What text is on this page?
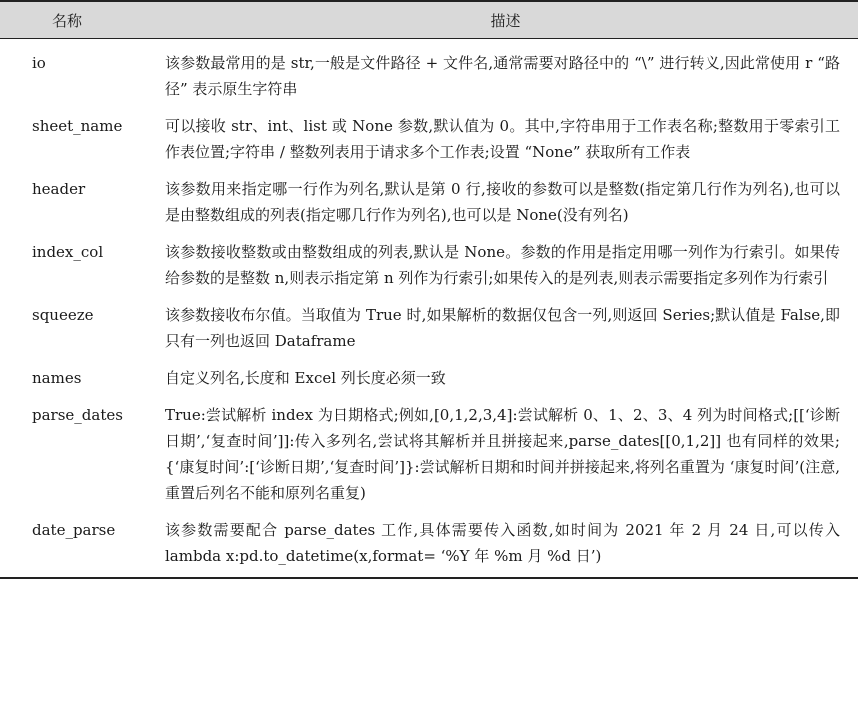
名称	描述
io	该参数最常用的是 str,一般是文件路径 + 文件名,通常需要对路径中的 “\” 进行转义,因此常使用 r “路径” 表示原生字符串
sheet_name	可以接收 str、int、list 或 None 参数,默认值为 0。其中,字符串用于工作表名称;整数用于零索引工作表位置;字符串 / 整数列表用于请求多个工作表;设置 “None” 获取所有工作表
header	该参数用来指定哪一行作为列名,默认是第 0 行,接收的参数可以是整数(指定第几行作为列名),也可以是由整数组成的列表(指定哪几行作为列名),也可以是 None(没有列名)
index_col	该参数接收整数或由整数组成的列表,默认是 None。参数的作用是指定用哪一列作为行索引。如果传给参数的是整数 n,则表示指定第 n 列作为行索引;如果传入的是列表,则表示需要指定多列作为行索引
squeeze	该参数接收布尔值。当取值为 True 时,如果解析的数据仅包含一列,则返回 Series;默认值是 False,即只有一列也返回 Dataframe
names	自定义列名,长度和 Excel 列长度必须一致
parse_dates	True:尝试解析 index 为日期格式;例如,[0,1,2,3,4]:尝试解析 0、1、2、3、4 列为时间格式;[[‘诊断日期’,‘复查时间’]]:传入多列名,尝试将其解析并且拼接起来,parse_dates[[0,1,2]] 也有同样的效果;{‘康复时间’:[‘诊断日期’,‘复查时间’]}:尝试解析日期和时间并拼接起来,将列名重置为 ‘康复时间’(注意,重置后列名不能和原列名重复)
date_parse	该参数需要配合 parse_dates 工作,具体需要传入函数,如时间为 2021 年 2 月 24 日,可以传入 lambda x:pd.to_datetime(x,format= ‘%Y 年 %m 月 %d 日’)
